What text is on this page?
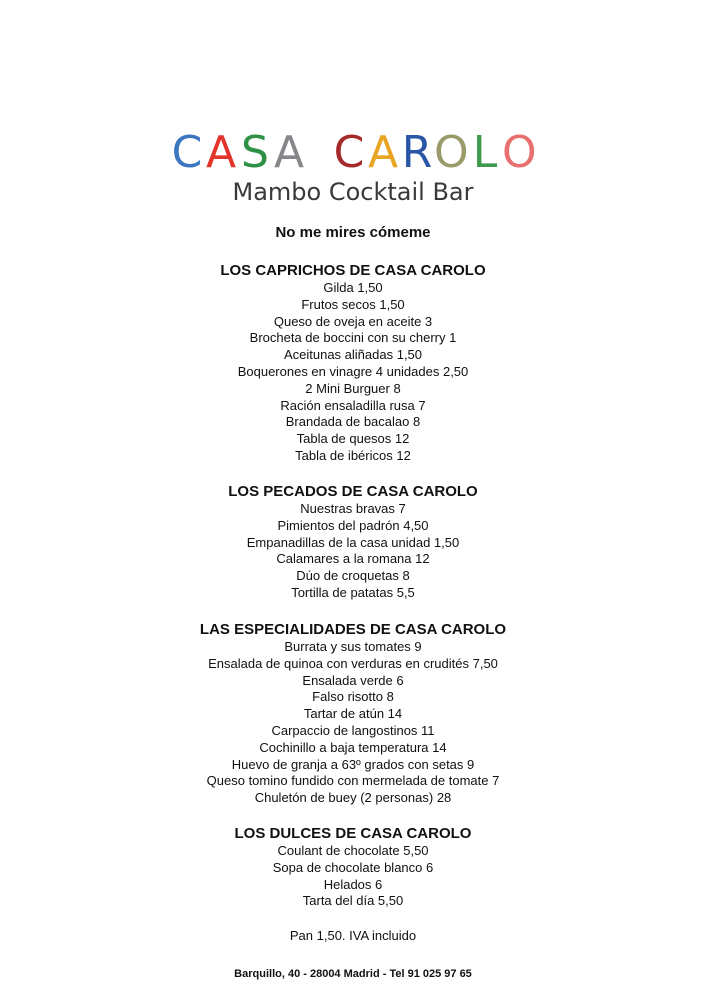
CA S A CAROL O
Mambo Cocktail Bar
No me mires cómeme
LOS CAPRICHOS DE CASA CAROLO
Gilda 1,50
Frutos secos 1,50
Queso de oveja en aceite 3
Brocheta de boccini con su cherry 1
Aceitunas aliñadas 1,50
Boquerones en vinagre 4 unidades 2,50
2 Mini Burguer 8
Ración ensaladilla rusa 7
Brandada de bacalao 8
Tabla de quesos 12
Tabla de ibéricos 12
LOS PECADOS DE CASA CAROLO
Nuestras bravas 7
Pimientos del padrón 4,50
Empanadillas de la casa unidad 1,50
Calamares a la romana 12
Dúo de croquetas 8
Tortilla de patatas 5,5
LAS ESPECIALIDADES DE CASA CAROLO
Burrata y sus tomates 9
Ensalada de quinoa con verduras en crudités 7,50
Ensalada verde 6
Falso risotto 8
Tartar de atún 14
Carpaccio de langostinos 11
Cochinillo a baja temperatura 14
Huevo de granja a 63º grados con setas 9
Queso tomino fundido con mermelada de tomate 7
Chuletón de buey (2 personas) 28
LOS DULCES DE CASA CAROLO
Coulant de chocolate 5,50
Sopa de chocolate blanco 6
Helados 6
Tarta del día 5,50
Pan 1,50. IVA incluido
Barquillo, 40 - 28004 Madrid - Tel 91 025 97 65
